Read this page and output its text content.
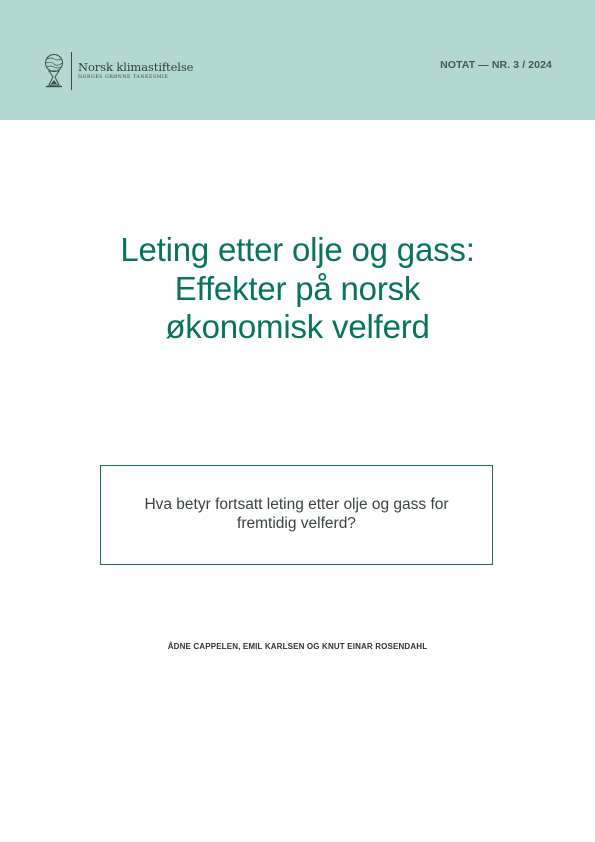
Norsk klimastiftelse
NORGES GRØNNE TANKESMIE
NOTAT — NR. 3 / 2024
Leting etter olje og gass:
Effekter på norsk
økonomisk velferd
Hva betyr fortsatt leting etter olje og gass for
fremtidig velferd?
ÅDNE CAPPELEN, EMIL KARLSEN OG KNUT EINAR ROSENDAHL
